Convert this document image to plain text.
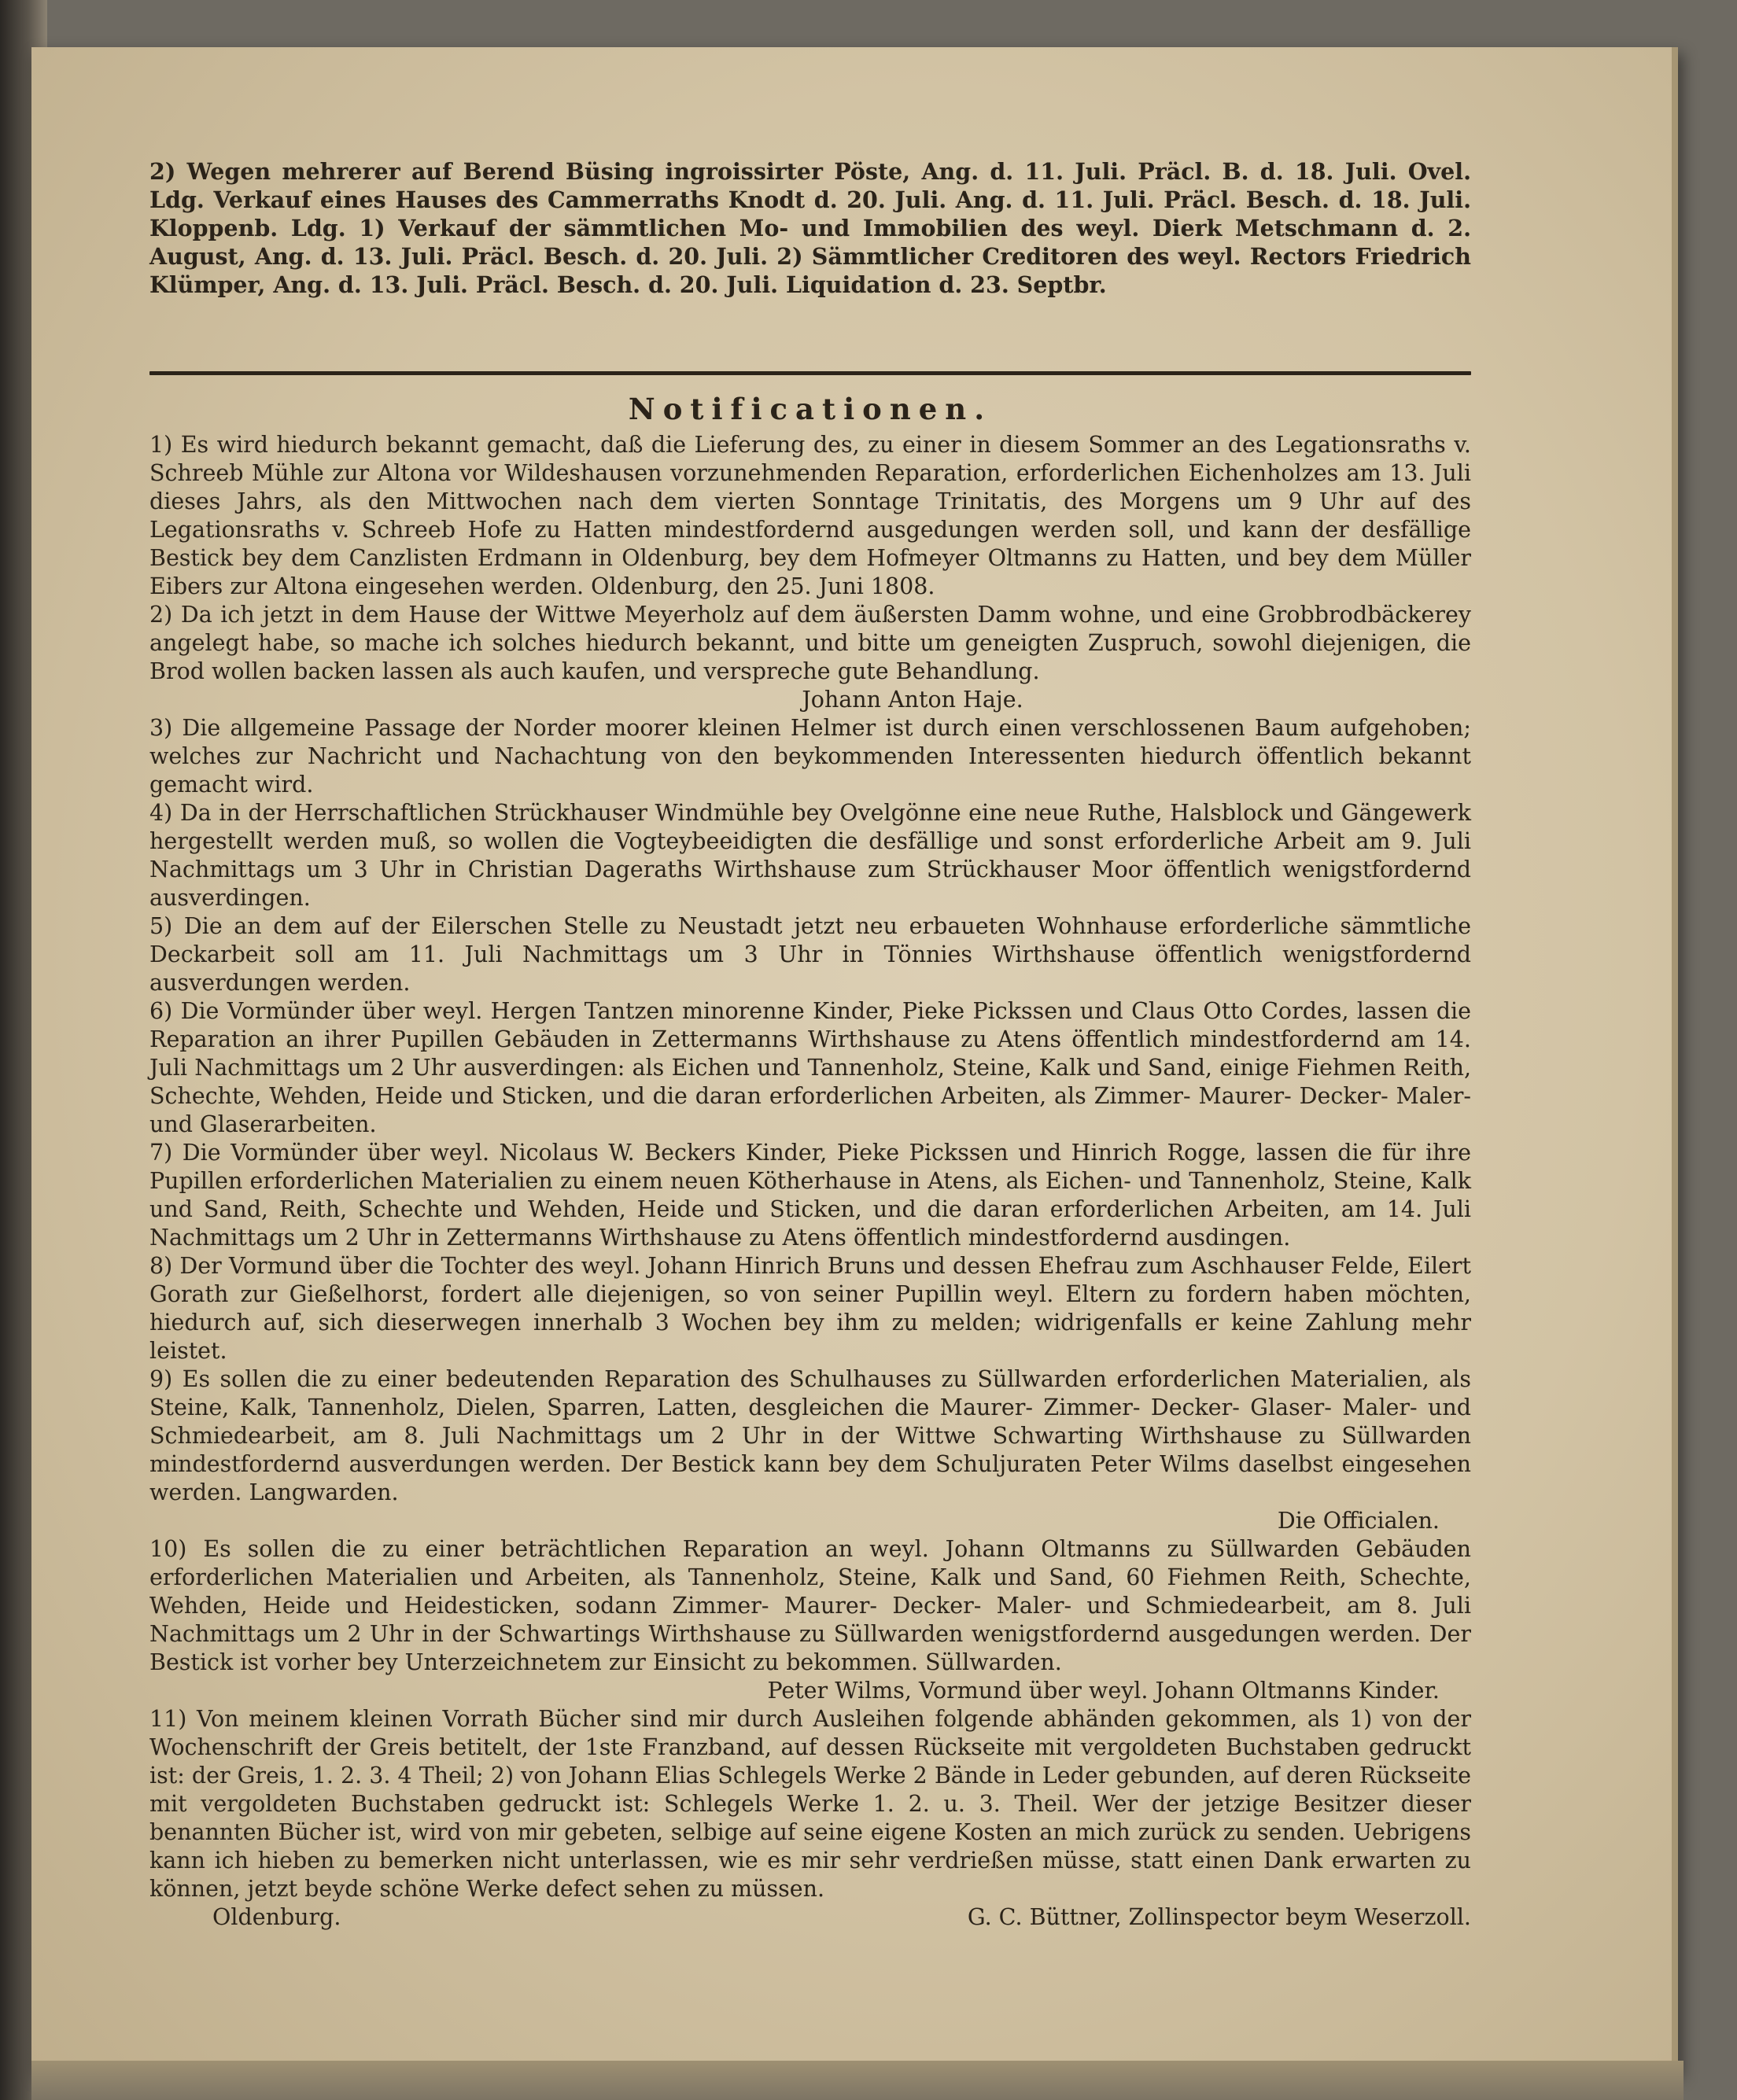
2) Wegen mehrerer auf Berend Büsing ingroissirter Pöste, Ang. d. 11. Juli. Präcl. B. d. 18. Juli. Ovel. Ldg. Verkauf eines Hauses des Cammerraths Knodt d. 20. Juli. Ang. d. 11. Juli. Präcl. Besch. d. 18. Juli. Kloppenb. Ldg. 1) Verkauf der sämmtlichen Mo- und Immobilien des weyl. Dierk Metschmann d. 2. August, Ang. d. 13. Juli. Präcl. Besch. d. 20. Juli. 2) Sämmtlicher Creditoren des weyl. Rectors Friedrich Klümper, Ang. d. 13. Juli. Präcl. Besch. d. 20. Juli. Liquidation d. 23. Septbr.

Notificationen.

1) Es wird hiedurch bekannt gemacht, daß die Lieferung des, zu einer in diesem Sommer an des Legationsraths v. Schreeb Mühle zur Altona vor Wildeshausen vorzunehmenden Reparation, erforderlichen Eichenholzes am 13. Juli dieses Jahrs, als den Mittwochen nach dem vierten Sonntage Trinitatis, des Morgens um 9 Uhr auf des Legationsraths v. Schreeb Hofe zu Hatten mindestfordernd ausgedungen werden soll, und kann der desfällige Bestick bey dem Canzlisten Erdmann in Oldenburg, bey dem Hofmeyer Oltmanns zu Hatten, und bey dem Müller Eibers zur Altona eingesehen werden. Oldenburg, den 25. Juni 1808.

2) Da ich jetzt in dem Hause der Wittwe Meyerholz auf dem äußersten Damm wohne, und eine Grobbrodbäckerey angelegt habe, so mache ich solches hiedurch bekannt, und bitte um geneigten Zuspruch, sowohl diejenigen, die Brod wollen backen lassen als auch kaufen, und verspreche gute Behandlung.

Johann Anton Haje.

3) Die allgemeine Passage der Norder moorer kleinen Helmer ist durch einen verschlossenen Baum aufgehoben; welches zur Nachricht und Nachachtung von den beykommenden Interessenten hiedurch öffentlich bekannt gemacht wird.

4) Da in der Herrschaftlichen Strückhauser Windmühle bey Ovelgönne eine neue Ruthe, Halsblock und Gängewerk hergestellt werden muß, so wollen die Vogteybeeidigten die desfällige und sonst erforderliche Arbeit am 9. Juli Nachmittags um 3 Uhr in Christian Dageraths Wirthshause zum Strückhauser Moor öffentlich wenigstfordernd ausverdingen.

5) Die an dem auf der Eilerschen Stelle zu Neustadt jetzt neu erbaueten Wohnhause erforderliche sämmtliche Deckarbeit soll am 11. Juli Nachmittags um 3 Uhr in Tönnies Wirthshause öffentlich wenigstfordernd ausverdungen werden.

6) Die Vormünder über weyl. Hergen Tantzen minorenne Kinder, Pieke Pickssen und Claus Otto Cordes, lassen die Reparation an ihrer Pupillen Gebäuden in Zettermanns Wirthshause zu Atens öffentlich mindestfordernd am 14. Juli Nachmittags um 2 Uhr ausverdingen: als Eichen und Tannenholz, Steine, Kalk und Sand, einige Fiehmen Reith, Schechte, Wehden, Heide und Sticken, und die daran erforderlichen Arbeiten, als Zimmer- Maurer- Decker- Maler- und Glaserarbeiten.

7) Die Vormünder über weyl. Nicolaus W. Beckers Kinder, Pieke Pickssen und Hinrich Rogge, lassen die für ihre Pupillen erforderlichen Materialien zu einem neuen Kötherhause in Atens, als Eichen- und Tannenholz, Steine, Kalk und Sand, Reith, Schechte und Wehden, Heide und Sticken, und die daran erforderlichen Arbeiten, am 14. Juli Nachmittags um 2 Uhr in Zettermanns Wirthshause zu Atens öffentlich mindestfordernd ausdingen.

8) Der Vormund über die Tochter des weyl. Johann Hinrich Bruns und dessen Ehefrau zum Aschhauser Felde, Eilert Gorath zur Gießelhorst, fordert alle diejenigen, so von seiner Pupillin weyl. Eltern zu fordern haben möchten, hiedurch auf, sich dieserwegen innerhalb 3 Wochen bey ihm zu melden; widrigenfalls er keine Zahlung mehr leistet.

9) Es sollen die zu einer bedeutenden Reparation des Schulhauses zu Süllwarden erforderlichen Materialien, als Steine, Kalk, Tannenholz, Dielen, Sparren, Latten, desgleichen die Maurer- Zimmer- Decker- Glaser- Maler- und Schmiedearbeit, am 8. Juli Nachmittags um 2 Uhr in der Wittwe Schwarting Wirthshause zu Süllwarden mindestfordernd ausverdungen werden. Der Bestick kann bey dem Schuljuraten Peter Wilms daselbst eingesehen werden. Langwarden.

Die Officialen.

10) Es sollen die zu einer beträchtlichen Reparation an weyl. Johann Oltmanns zu Süllwarden Gebäuden erforderlichen Materialien und Arbeiten, als Tannenholz, Steine, Kalk und Sand, 60 Fiehmen Reith, Schechte, Wehden, Heide und Heidesticken, sodann Zimmer- Maurer- Decker- Maler- und Schmiedearbeit, am 8. Juli Nachmittags um 2 Uhr in der Schwartings Wirthshause zu Süllwarden wenigstfordernd ausgedungen werden. Der Bestick ist vorher bey Unterzeichnetem zur Einsicht zu bekommen. Süllwarden.

Peter Wilms, Vormund über weyl. Johann Oltmanns Kinder.

11) Von meinem kleinen Vorrath Bücher sind mir durch Ausleihen folgende abhänden gekommen, als 1) von der Wochenschrift der Greis betitelt, der 1ste Franzband, auf dessen Rückseite mit vergoldeten Buchstaben gedruckt ist: der Greis, 1. 2. 3. 4 Theil; 2) von Johann Elias Schlegels Werke 2 Bände in Leder gebunden, auf deren Rückseite mit vergoldeten Buchstaben gedruckt ist: Schlegels Werke 1. 2. u. 3. Theil. Wer der jetzige Besitzer dieser benannten Bücher ist, wird von mir gebeten, selbige auf seine eigene Kosten an mich zurück zu senden. Uebrigens kann ich hieben zu bemerken nicht unterlassen, wie es mir sehr verdrießen müsse, statt einen Dank erwarten zu können, jetzt beyde schöne Werke defect sehen zu müssen.

Oldenburg.	G. C. Büttner, Zollinspector beym Weserzoll.
